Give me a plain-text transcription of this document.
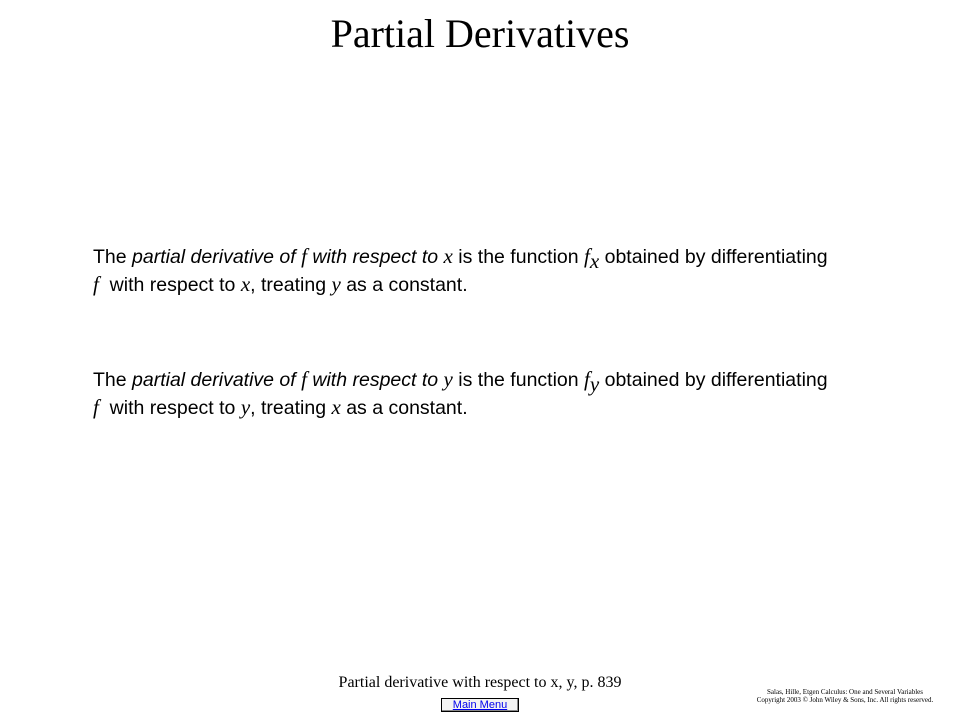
Partial Derivatives
The partial derivative of f with respect to x is the function $f_x$ obtained by differentiating
f  with respect to x, treating y as a constant.
The partial derivative of f with respect to y is the function $f_y$ obtained by differentiating
f  with respect to y, treating x as a constant.
Partial derivative with respect to x, y, p. 839
Salas, Hille, Etgen Calculus: One and Several Variables
Copyright 2003 © John Wiley & Sons, Inc. All rights reserved.
Main Menu
